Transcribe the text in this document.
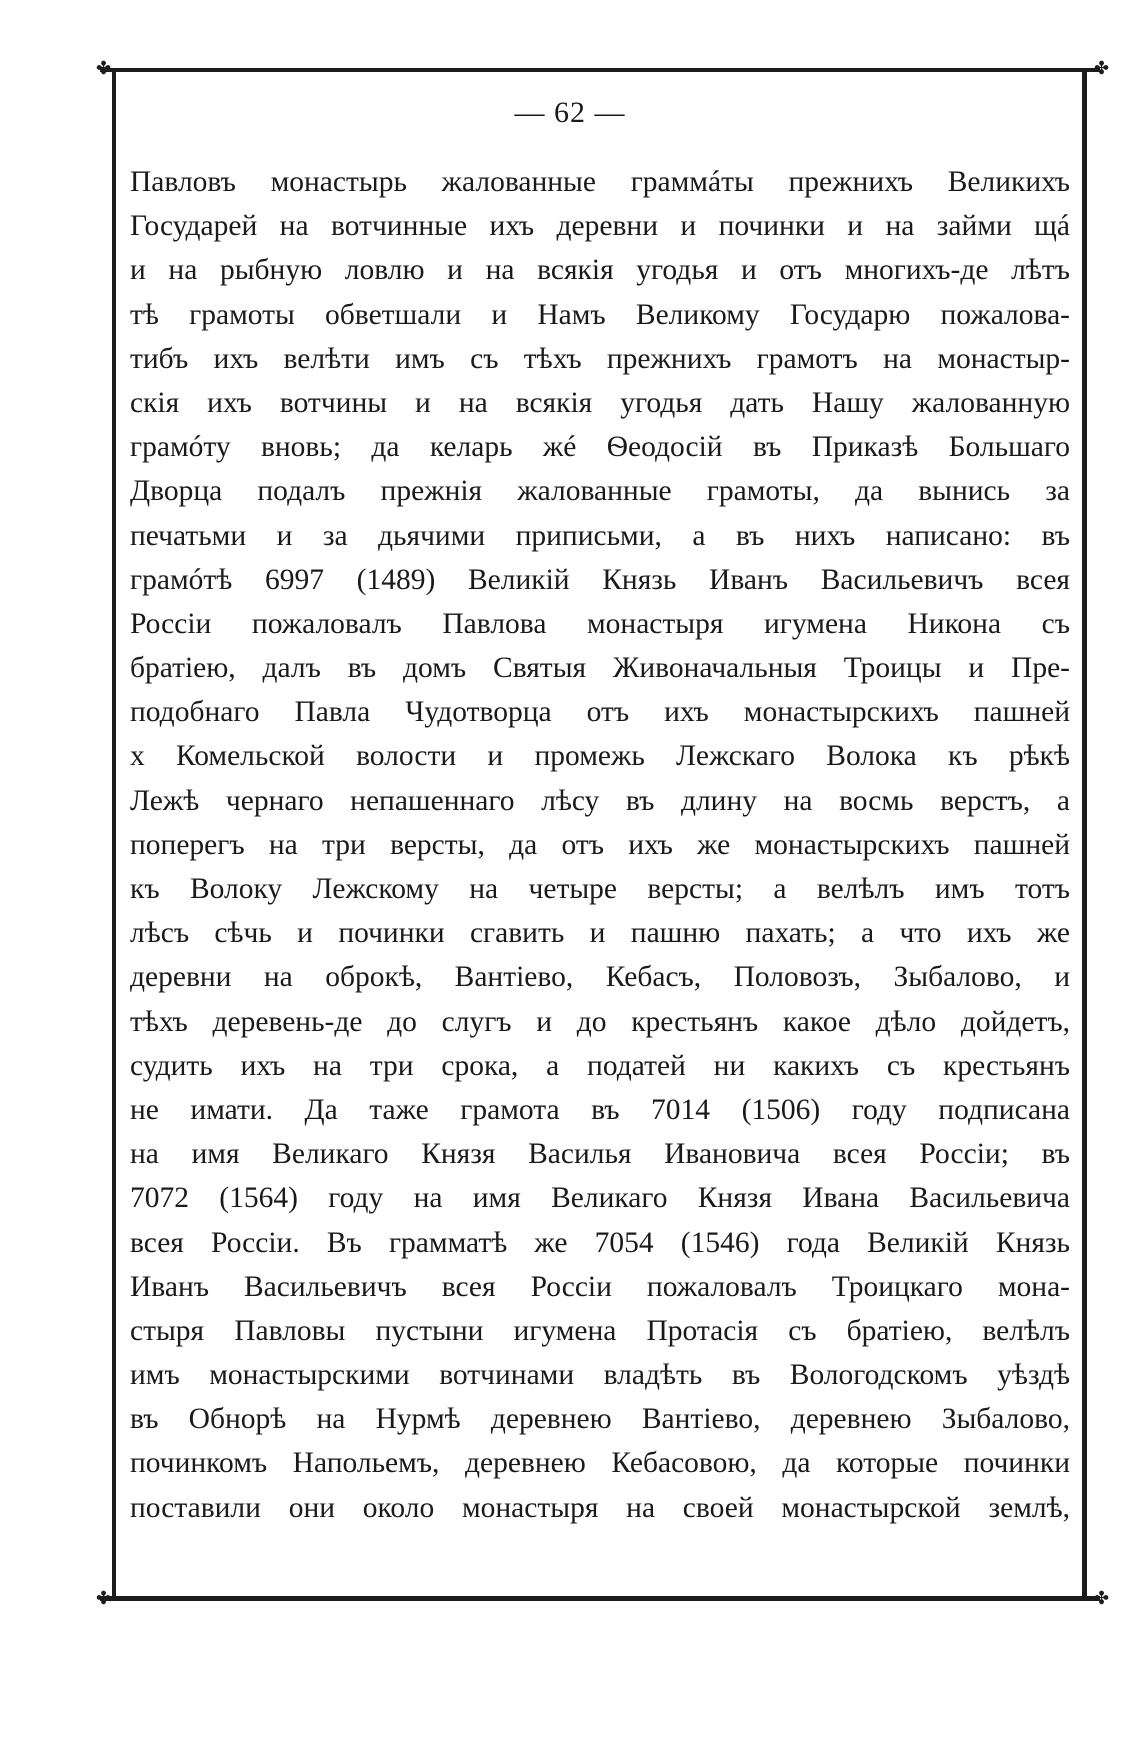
✤	✤
✤	✤
— 62 —
Павловъ монастырь жалованные граммáты прежнихъ Великихъ
Государей на вотчинные ихъ деревни и починки и на займи щá
и на рыбную ловлю и на всякія угодья и отъ многихъ-де лѣтъ
тѣ грамоты обветшали и Намъ Великому Государю пожалова-
тибъ ихъ велѣти имъ съ тѣхъ прежнихъ грамотъ на монастыр-
скія ихъ вотчины и на всякія угодья дать Нашу жалованную
грамóту вновь; да келарь жé Ѳеодосій въ Приказѣ Большаго
Дворца подалъ прежнія жалованные грамоты, да вынись за
печатьми и за дьячими приписьми, а въ нихъ написано: въ
грамóтѣ 6997 (1489) Великій Князь Иванъ Васильевичъ всея
Россіи пожаловалъ Павлова монастыря игумена Никона съ
братіею, далъ въ домъ Святыя Живоначальныя Троицы и Пре-
подобнаго Павла Чудотворца отъ ихъ монастырскихъ пашней
х Комельской волости и промежь Лежскаго Волока къ рѣкѣ
Лежѣ чернаго непашеннаго лѣсу въ длину на восмь верстъ, а
поперегъ на три версты, да отъ ихъ же монастырскихъ пашней
къ Волоку Лежскому на четыре версты; а велѣлъ имъ тотъ
лѣсъ сѣчь и починки сгавить и пашню пахать; а что ихъ же
деревни на оброкѣ, Вантіево, Кебасъ, Половозъ, Зыбалово, и
тѣхъ деревень-де до слугъ и до крестьянъ какое дѣло дойдетъ,
судить ихъ на три срока, а податей ни какихъ съ крестьянъ
не имати. Да таже грамота въ 7014 (1506) году подписана
на имя Великаго Князя Василья Ивановича всея Россіи; въ
7072 (1564) году на имя Великаго Князя Ивана Васильевича
всея Россіи. Въ грамматѣ же 7054 (1546) года Великій Князь
Иванъ Васильевичъ всея Россіи пожаловалъ Троицкаго мона-
стыря Павловы пустыни игумена Протасія съ братіею, велѣлъ
имъ монастырскими вотчинами владѣть въ Вологодскомъ уѣздѣ
въ Обнорѣ на Нурмѣ деревнею Вантіево, деревнею Зыбалово,
починкомъ Напольемъ, деревнею Кебасовою, да которые починки
поставили они около монастыря на своей монастырской землѣ,
